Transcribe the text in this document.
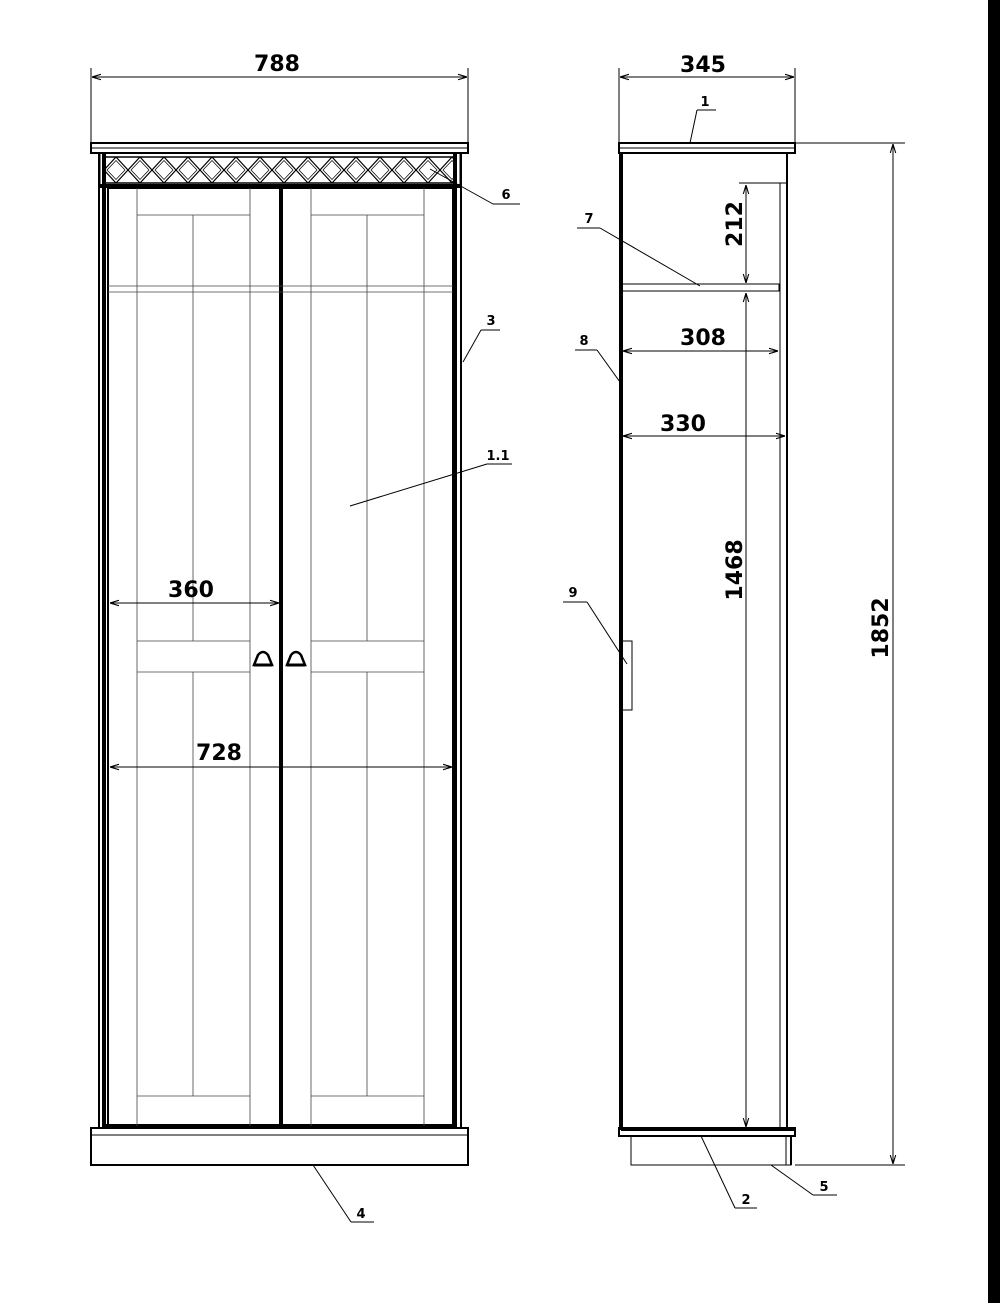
788
360
728
6
3
1.1
4
345
212
308
330
1468
1852
1
7
8
9
2
5
